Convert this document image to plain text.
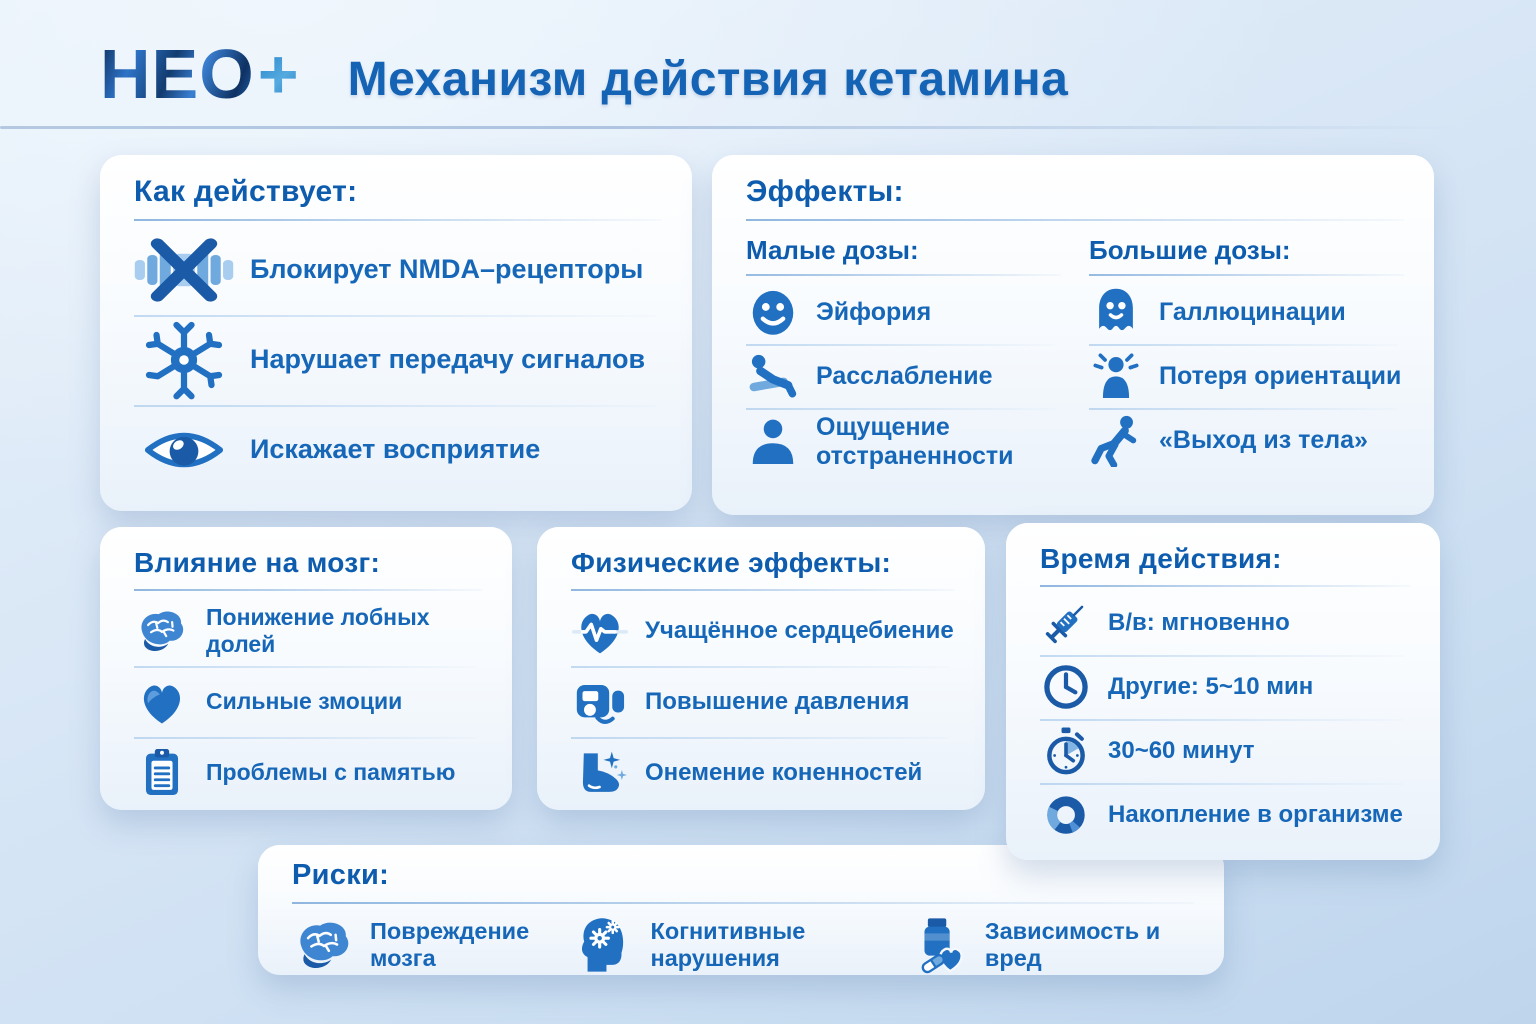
НЕО + Механизм действия кетамина
Как действует:
Блокирует NMDA–рецепторы
Нарушает передачу сигналов
Искажает восприятие
Эффекты:
Малые дозы:
Эйфория
Расслабление
Ощущение отстраненности
Большие дозы:
Галлюцинации
Потеря ориентации
«Выход из тела»
Влияние на мозг:
Понижение лобных долей
Сильные змоции
Проблемы с памятью
Физические эффекты:
Учащённое сердцебиение
Повышение давления
Онемение коненностей
Время действия:
В/в: мгновенно
Другие: 5~10 мин
30~60 минут
Накопление в организме
Риски:
Повреждение мозга
Когнитивные нарушения
Зависимость и вред
